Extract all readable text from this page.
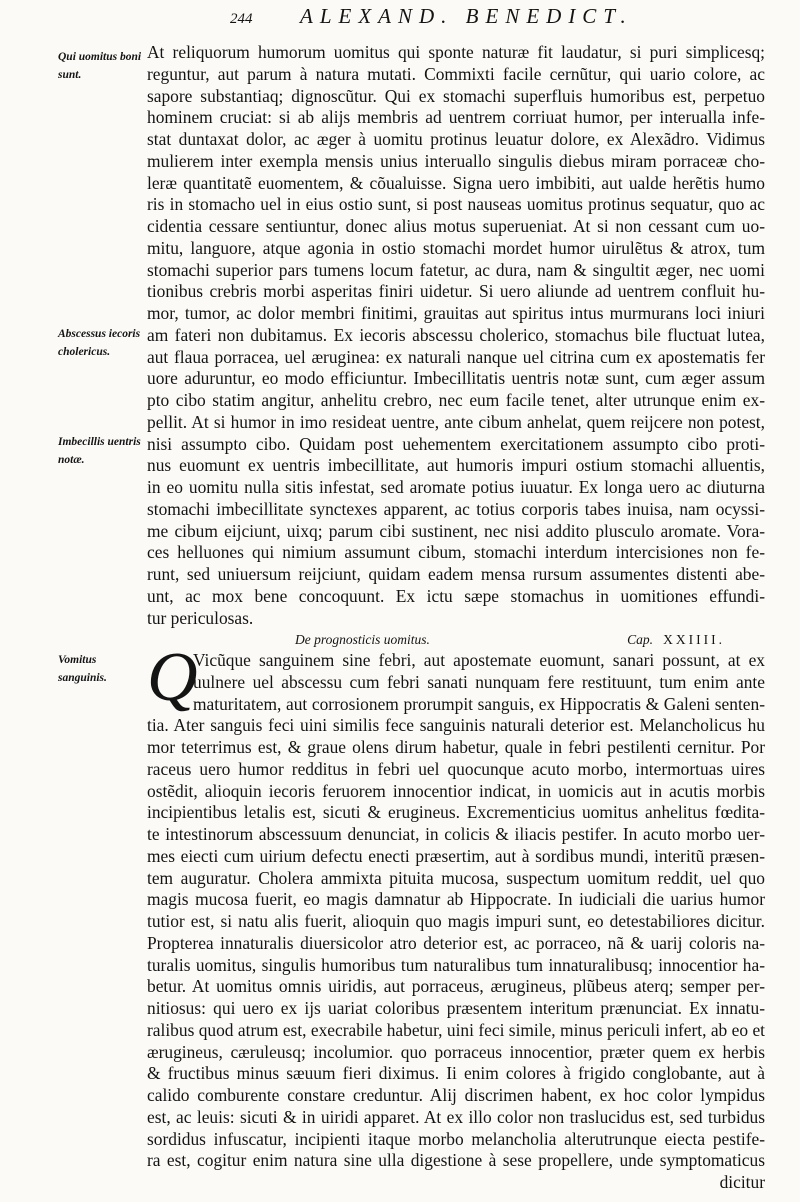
244	ALEXAND. BENEDICT.
Qui uomitus boni sunt.
Abscessus iecoris cholericus.
Imbecillis uentris notæ.
Vomitus sanguinis.
At reliquorum humorum uomitus qui sponte naturæ fit laudatur, si puri simplicesq;
reguntur, aut parum à natura mutati. Commixti facile cernũtur, qui uario colore, ac
sapore substantiaq; dignoscũtur. Qui ex stomachi superfluis humoribus est, perpetuo
hominem cruciat: si ab alijs membris ad uentrem corriuat humor, per interualla infe-
stat duntaxat dolor, ac æger à uomitu protinus leuatur dolore, ex Alexãdro. Vidimus
mulierem inter exempla mensis unius interuallo singulis diebus miram porraceæ cho-
leræ quantitatẽ euomentem, & cõualuisse. Signa uero imbibiti, aut ualde herẽtis humo
ris in stomacho uel in eius ostio sunt, si post nauseas uomitus protinus sequatur, quo ac
cidentia cessare sentiuntur, donec alius motus superueniat. At si non cessant cum uo-
mitu, languore, atque agonia in ostio stomachi mordet humor uirulẽtus & atrox, tum
stomachi superior pars tumens locum fatetur, ac dura, nam & singultit æger, nec uomi
tionibus crebris morbi asperitas finiri uidetur. Si uero aliunde ad uentrem confluit hu-
mor, tumor, ac dolor membri finitimi, grauitas aut spiritus intus murmurans loci iniuri
am fateri non dubitamus. Ex iecoris abscessu cholerico, stomachus bile fluctuat lutea,
aut flaua porracea, uel æruginea: ex naturali nanque uel citrina cum ex apostematis fer
uore aduruntur, eo modo efficiuntur. Imbecillitatis uentris notæ sunt, cum æger assum
pto cibo statim angitur, anhelitu crebro, nec eum facile tenet, alter utrunque enim ex-
pellit. At si humor in imo resideat uentre, ante cibum anhelat, quem reijcere non potest,
nisi assumpto cibo. Quidam post uehementem exercitationem assumpto cibo proti-
nus euomunt ex uentris imbecillitate, aut humoris impuri ostium stomachi alluentis,
in eo uomitu nulla sitis infestat, sed aromate potius iuuatur. Ex longa uero ac diuturna
stomachi imbecillitate synctexes apparent, ac totius corporis tabes inuisa, nam ocyssi-
me cibum eijciunt, uixq; parum cibi sustinent, nec nisi addito plusculo aromate. Vora-
ces helluones qui nimium assumunt cibum, stomachi interdum intercisiones non fe-
runt, sed uniuersum reijciunt, quidam eadem mensa rursum assumentes distenti abe-
unt, ac mox bene concoquunt. Ex ictu sæpe stomachus in uomitiones effundi-
tur periculosas.
De prognosticis uomitus.	Cap. XXIIII.
Q
Vicũque sanguinem sine febri, aut apostemate euomunt, sanari possunt, at ex
uulnere uel abscessu cum febri sanati nunquam fere restituunt, tum enim ante
maturitatem, aut corrosionem prorumpit sanguis, ex Hippocratis & Galeni senten-
tia. Ater sanguis feci uini similis fece sanguinis naturali deterior est. Melancholicus hu
mor teterrimus est, & graue olens dirum habetur, quale in febri pestilenti cernitur. Por
raceus uero humor redditus in febri uel quocunque acuto morbo, intermortuas uires
ostẽdit, alioquin iecoris feruorem innocentior indicat, in uomicis aut in acutis morbis
incipientibus letalis est, sicuti & erugineus. Excrementicius uomitus anhelitus fœdita-
te intestinorum abscessuum denunciat, in colicis & iliacis pestifer. In acuto morbo uer-
mes eiecti cum uirium defectu enecti præsertim, aut à sordibus mundi, interitũ præsen-
tem auguratur. Cholera ammixta pituita mucosa, suspectum uomitum reddit, uel quo
magis mucosa fuerit, eo magis damnatur ab Hippocrate. In iudiciali die uarius humor
tutior est, si natu alis fuerit, alioquin quo magis impuri sunt, eo detestabiliores dicitur.
Propterea innaturalis diuersicolor atro deterior est, ac porraceo, nã & uarij coloris na-
turalis uomitus, singulis humoribus tum naturalibus tum innaturalibusq; innocentior ha-
betur. At uomitus omnis uiridis, aut porraceus, ærugineus, plũbeus aterq; semper per-
nitiosus: qui uero ex ijs uariat coloribus præsentem interitum prænunciat. Ex innatu-
ralibus quod atrum est, execrabile habetur, uini feci simile, minus periculi infert, ab eo et
ærugineus, cæruleusq; incolumior. quo porraceus innocentior, præter quem ex herbis
& fructibus minus sæuum fieri diximus. Ii enim colores à frigido conglobante, aut à
calido comburente constare creduntur. Alij discrimen habent, ex hoc color lympidus
est, ac leuis: sicuti & in uiridi apparet. At ex illo color non traslucidus est, sed turbidus
sordidus infuscatur, incipienti itaque morbo melancholia alterutrunque eiecta pestife-
ra est, cogitur enim natura sine ulla digestione à sese propellere, unde symptomaticus
dicitur
